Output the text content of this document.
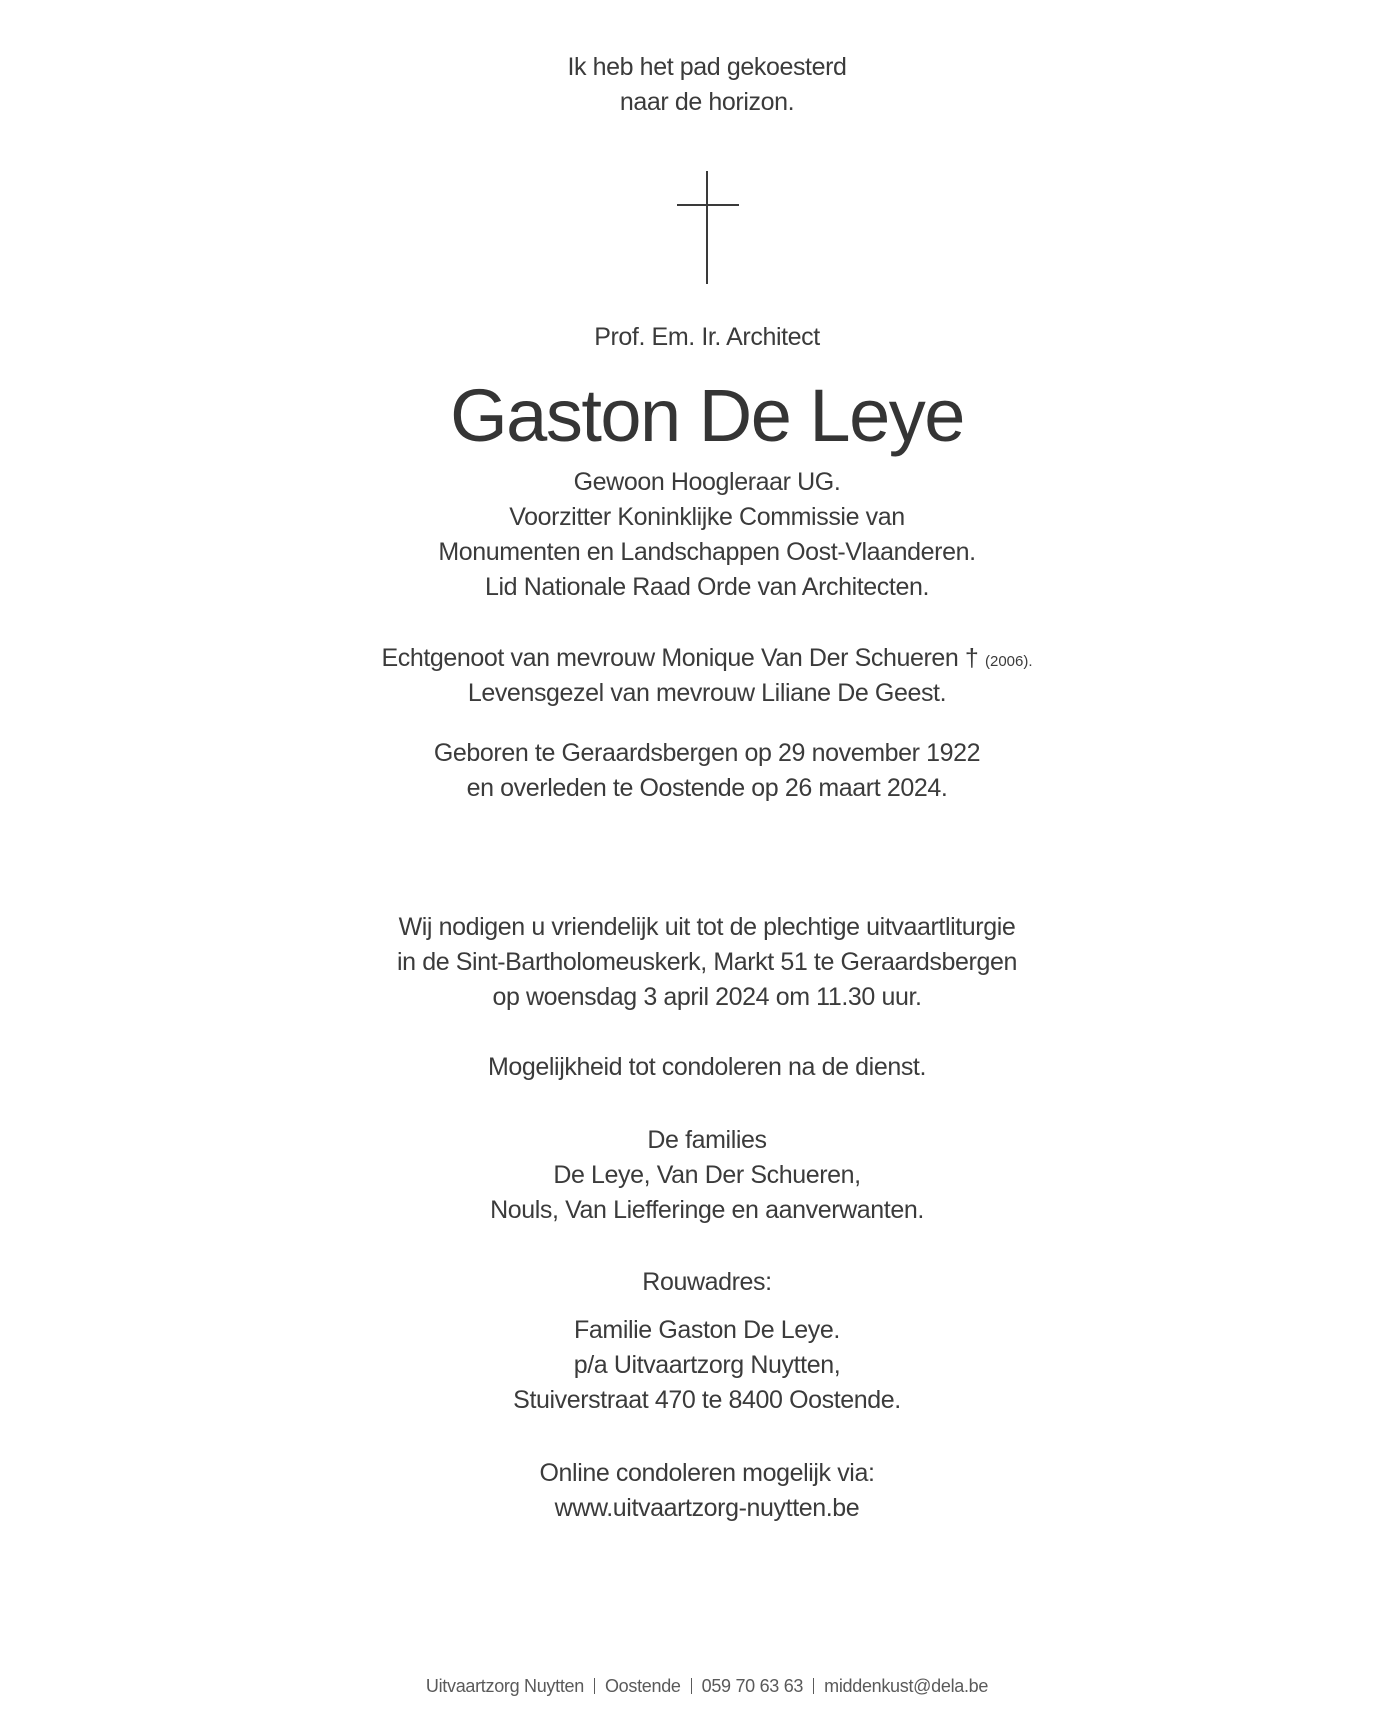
Ik heb het pad gekoesterd
naar de horizon.
Prof. Em. Ir. Architect
Gaston De Leye
Gewoon Hoogleraar UG.
Voorzitter Koninklijke Commissie van
Monumenten en Landschappen Oost-Vlaanderen.
Lid Nationale Raad Orde van Architecten.
Echtgenoot van mevrouw Monique Van Der Schueren † (2006).
Levensgezel van mevrouw Liliane De Geest.
Geboren te Geraardsbergen op 29 november 1922
en overleden te Oostende op 26 maart 2024.
Wij nodigen u vriendelijk uit tot de plechtige uitvaartliturgie
in de Sint-Bartholomeuskerk, Markt 51 te Geraardsbergen
op woensdag 3 april 2024 om 11.30 uur.
Mogelijkheid tot condoleren na de dienst.
De families
De Leye, Van Der Schueren,
Nouls, Van Liefferinge en aanverwanten.
Rouwadres:
Familie Gaston De Leye.
p/a Uitvaartzorg Nuytten,
Stuiverstraat 470 te 8400 Oostende.
Online condoleren mogelijk via:
www.uitvaartzorg-nuytten.be
Uitvaartzorg Nuytten Oostende 059 70 63 63 middenkust@dela.be
